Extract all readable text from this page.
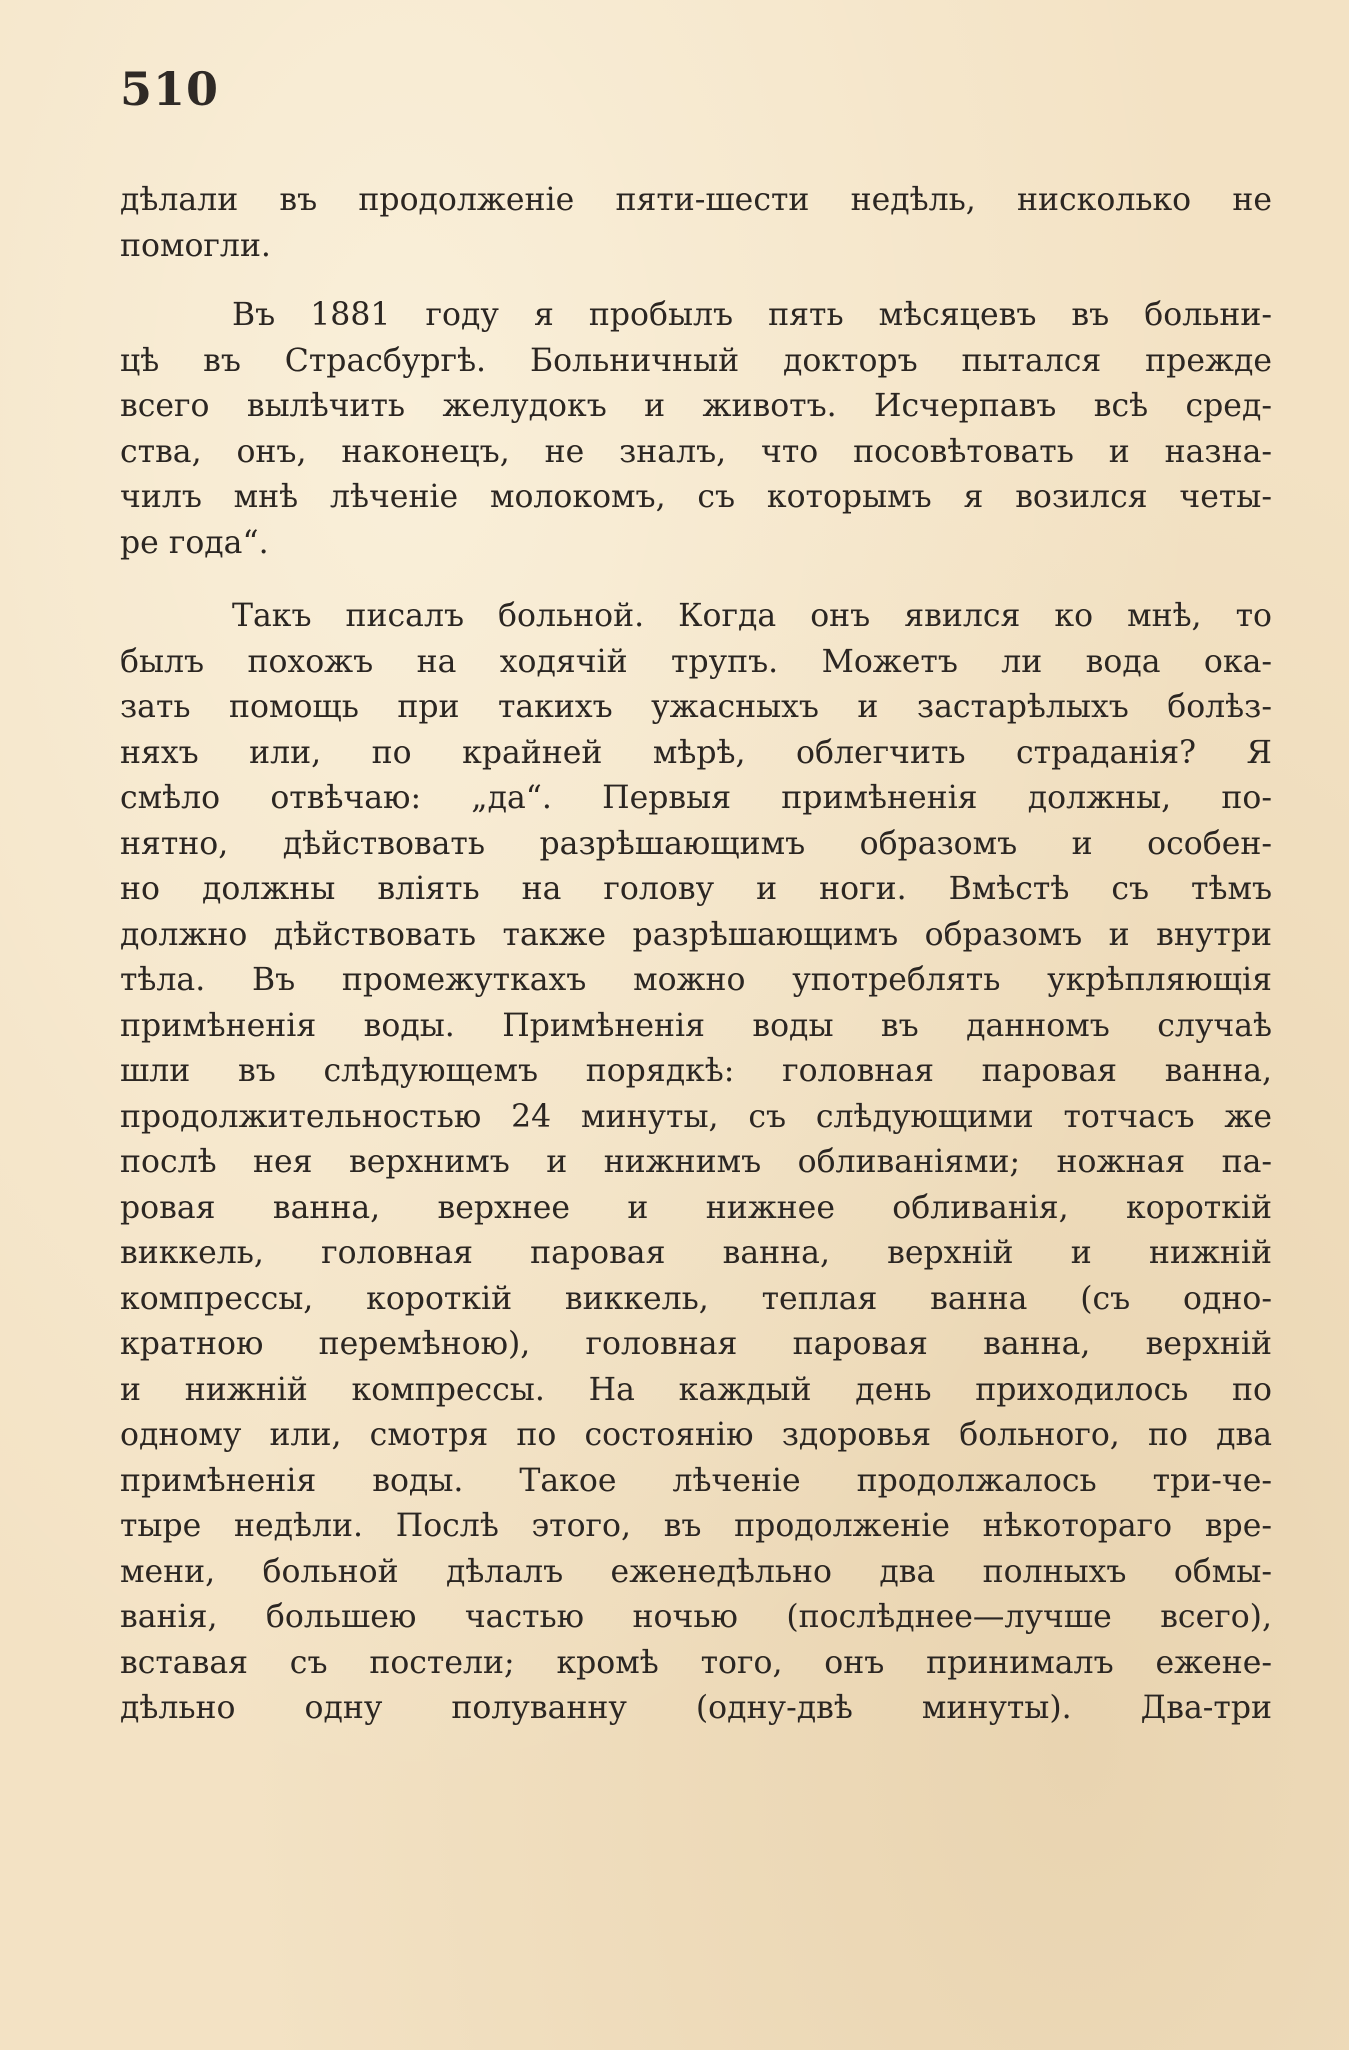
510
дѣлали въ продолженіе пяти-шести недѣль, нисколько не
помогли.
Въ 1881 году я пробылъ пять мѣсяцевъ въ больни-
цѣ въ Страсбургѣ. Больничный докторъ пытался прежде
всего вылѣчить желудокъ и животъ. Исчерпавъ всѣ сред-
ства, онъ, наконецъ, не зналъ, что посовѣтовать и назна-
чилъ мнѣ лѣченіе молокомъ, съ которымъ я возился четы-
ре года“.
Такъ писалъ больной. Когда онъ явился ко мнѣ, то
былъ похожъ на ходячій трупъ. Можетъ ли вода ока-
зать помощь при такихъ ужасныхъ и застарѣлыхъ болѣз-
няхъ или, по крайней мѣрѣ, облегчить страданія? Я
смѣло отвѣчаю: „да“. Первыя примѣненія должны, по-
нятно, дѣйствовать разрѣшающимъ образомъ и особен-
но должны вліять на голову и ноги. Вмѣстѣ съ тѣмъ
должно дѣйствовать также разрѣшающимъ образомъ и внутри
тѣла. Въ промежуткахъ можно употреблять укрѣпляющія
примѣненія воды. Примѣненія воды въ данномъ случаѣ
шли въ слѣдующемъ порядкѣ: головная паровая ванна,
продолжительностью 24 минуты, съ слѣдующими тотчасъ же
послѣ нея верхнимъ и нижнимъ обливаніями; ножная па-
ровая ванна, верхнее и нижнее обливанія, короткій
виккель, головная паровая ванна, верхній и нижній
компрессы, короткій виккель, теплая ванна (съ одно-
кратною перемѣною), головная паровая ванна, верхній
и нижній компрессы. На каждый день приходилось по
одному или, смотря по состоянію здоровья больного, по два
примѣненія воды. Такое лѣченіе продолжалось три-че-
тыре недѣли. Послѣ этого, въ продолженіе нѣкотораго вре-
мени, больной дѣлалъ еженедѣльно два полныхъ обмы-
ванія, большею частью ночью (послѣднее—лучше всего),
вставая съ постели; кромѣ того, онъ принималъ ежене-
дѣльно одну полуванну (одну-двѣ минуты). Два-три
